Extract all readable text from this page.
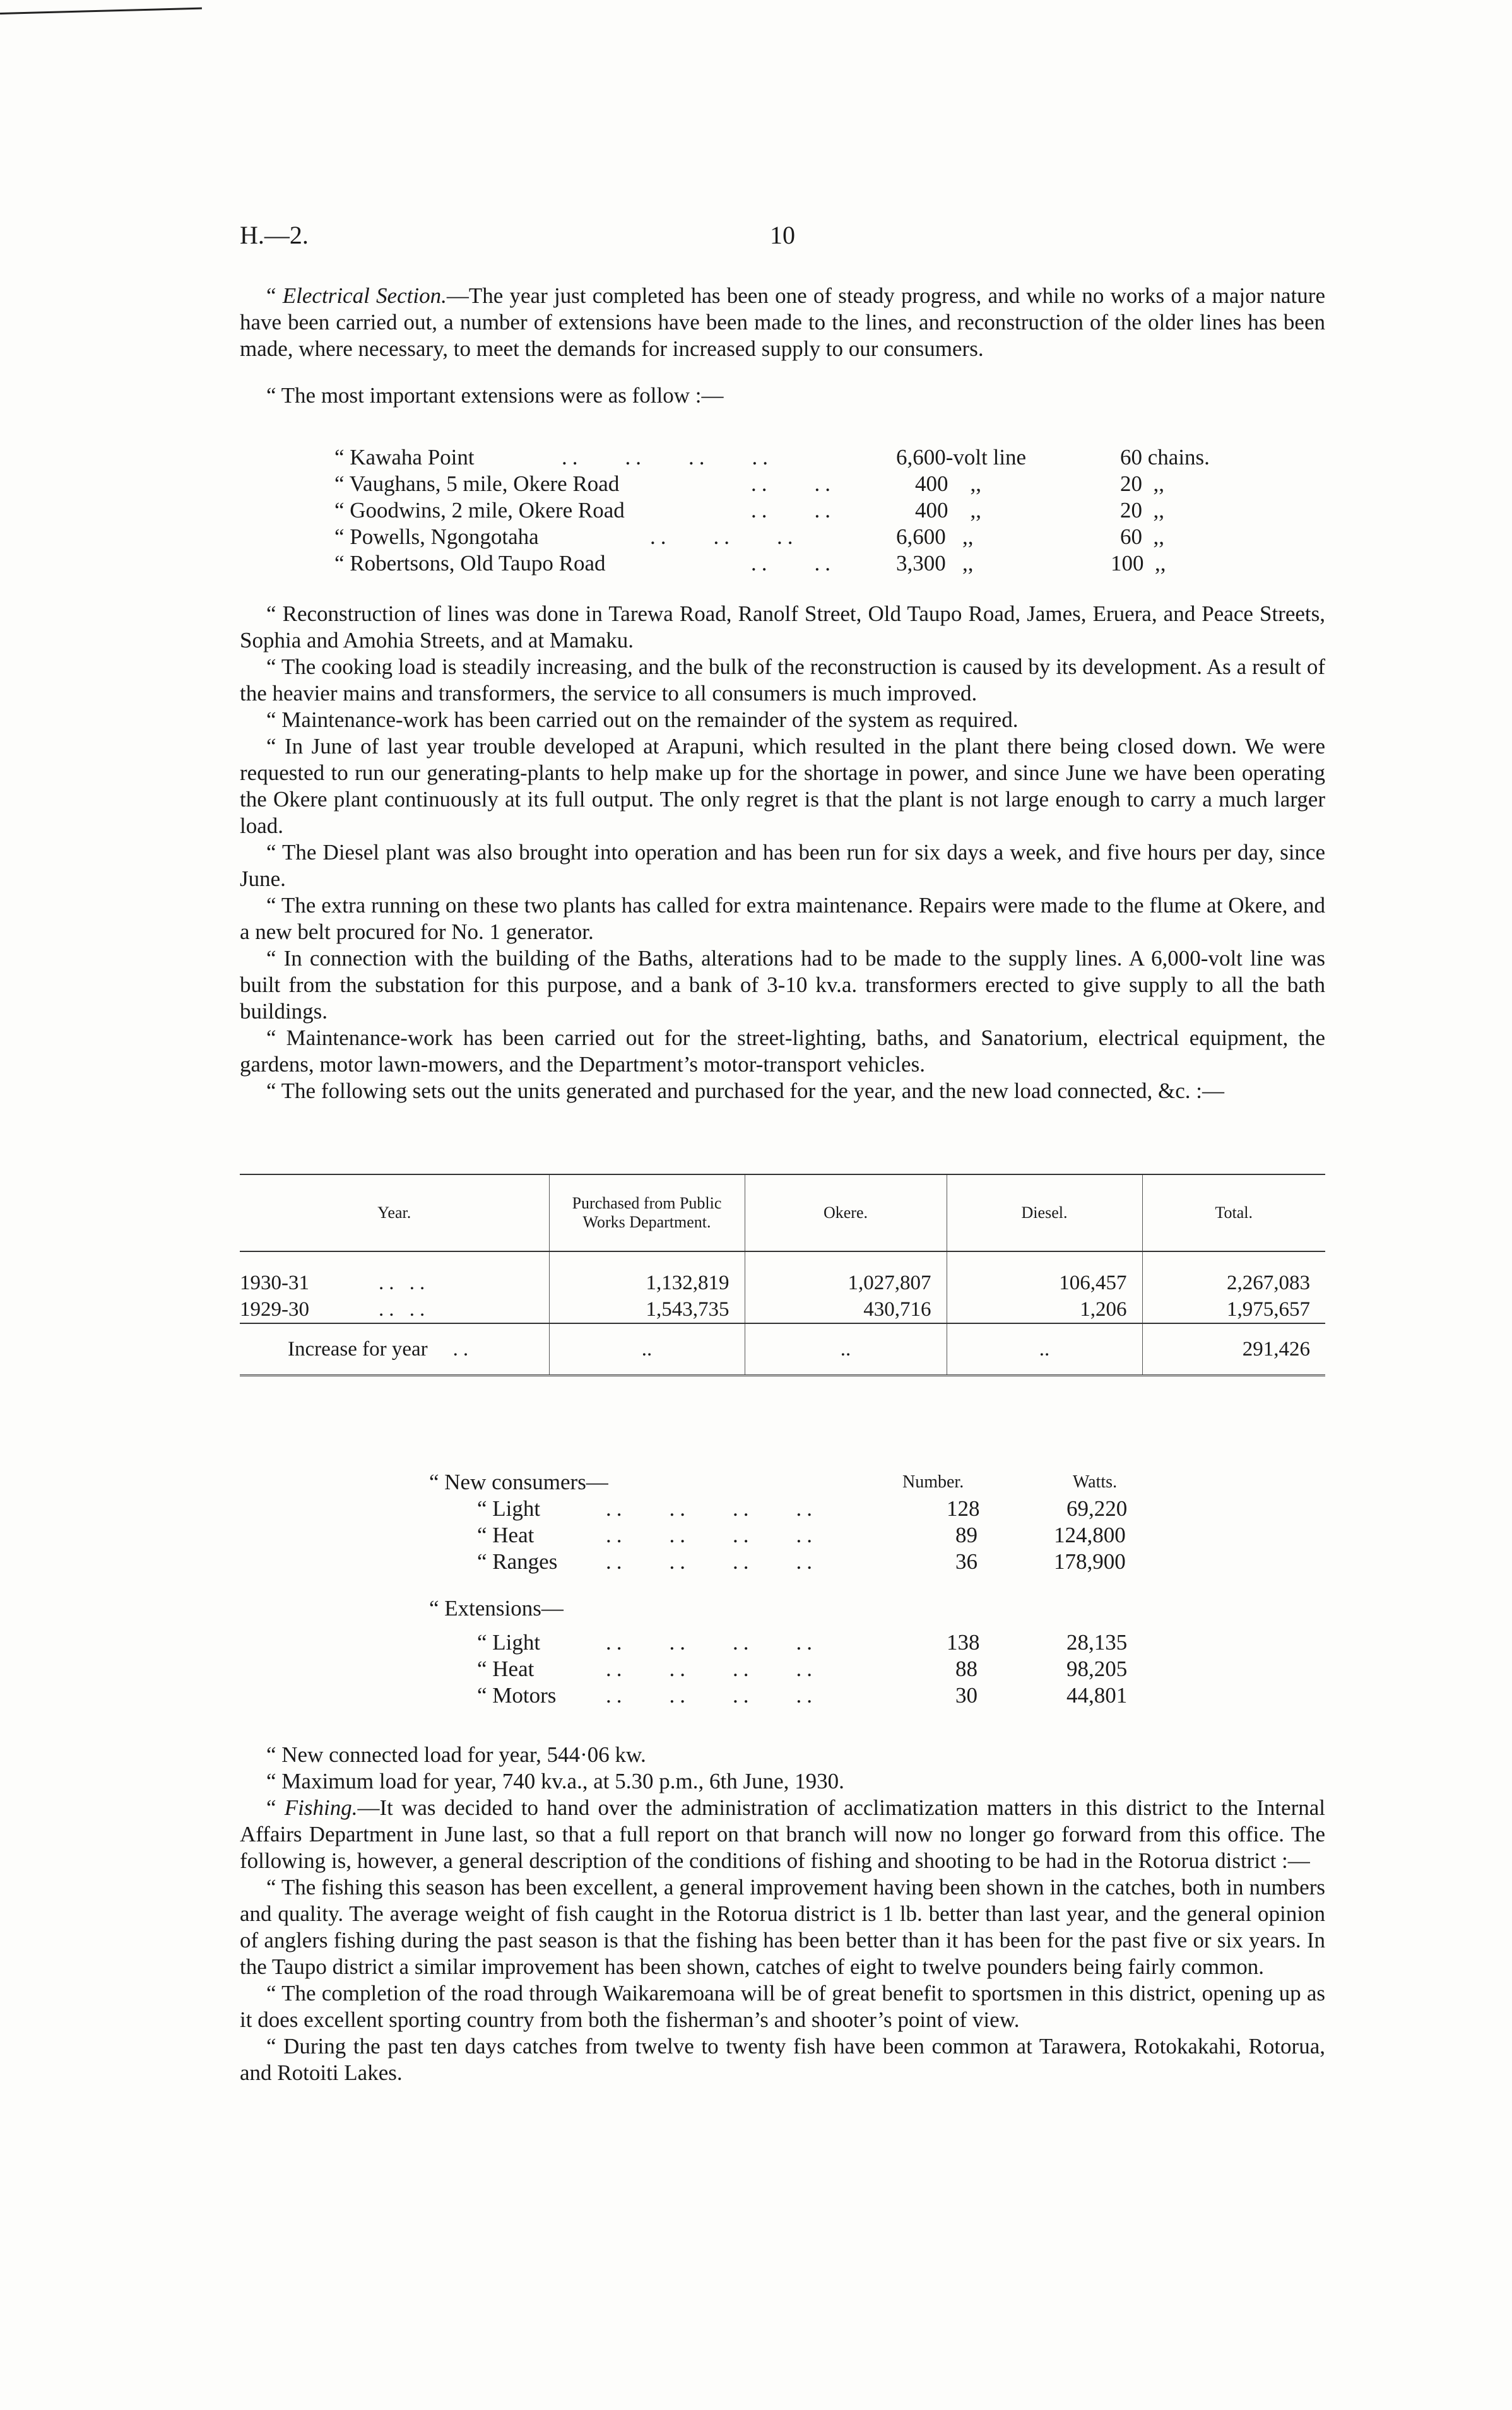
H.—2.	10

“ Electrical Section.—The year just completed has been one of steady progress, and while no works of a major nature have been carried out, a number of extensions have been made to the lines, and reconstruction of the older lines has been made, where necessary, to meet the demands for increased supply to our consumers.

“ The most important extensions were as follow :—

“ Kawaha Point	..    ..    ..    ..	6,600-volt line	60 chains.
“ Vaughans, 5 mile, Okere Road	..    ..	400    ,,	20  ,,
“ Goodwins, 2 mile, Okere Road	..    ..	400    ,,	20  ,,
“ Powells, Ngongotaha	..    ..    ..	6,600   ,,	60  ,,
“ Robertsons, Old Taupo Road	..    ..	3,300   ,,	100  ,,

“ Reconstruction of lines was done in Tarewa Road, Ranolf Street, Old Taupo Road, James, Eruera, and Peace Streets, Sophia and Amohia Streets, and at Mamaku.

“ The cooking load is steadily increasing, and the bulk of the reconstruction is caused by its development. As a result of the heavier mains and transformers, the service to all consumers is much improved.

“ Maintenance-work has been carried out on the remainder of the system as required.

“ In June of last year trouble developed at Arapuni, which resulted in the plant there being closed down. We were requested to run our generating-plants to help make up for the shortage in power, and since June we have been operating the Okere plant continuously at its full output. The only regret is that the plant is not large enough to carry a much larger load.

“ The Diesel plant was also brought into operation and has been run for six days a week, and five hours per day, since June.

“ The extra running on these two plants has called for extra maintenance. Repairs were made to the flume at Okere, and a new belt procured for No. 1 generator.

“ In connection with the building of the Baths, alterations had to be made to the supply lines. A 6,000-volt line was built from the substation for this purpose, and a bank of 3-10 kv.a. transformers erected to give supply to all the bath buildings.

“ Maintenance-work has been carried out for the street-lighting, baths, and Sanatorium, electrical equipment, the gardens, motor lawn-mowers, and the Department’s motor-transport vehicles.

“ The following sets out the units generated and purchased for the year, and the new load connected, &c. :—

Year.	Purchased from Public Works Department.	Okere.	Diesel.	Total.

1930-31 .. ..	1,132,819	1,027,807	106,457	2,267,083
1929-30 .. ..	1,543,735	430,716	1,206	1,975,657
Increase for year ..	..	..	..	291,426
“ New consumers—	Number.	Watts.
“ Light	..    ..    ..    ..	128	69,220
“ Heat	..    ..    ..    ..	89	124,800
“ Ranges ..    ..    ..    ..	36	178,900
“ Extensions—
“ Light	..    ..    ..    ..	138	28,135
“ Heat	..    ..    ..    ..	88	98,205
“ Motors ..    ..    ..    ..	30	44,801

“ New connected load for year, 544·06 kw.

“ Maximum load for year, 740 kv.a., at 5.30 p.m., 6th June, 1930.

“ Fishing.—It was decided to hand over the administration of acclimatization matters in this district to the Internal Affairs Department in June last, so that a full report on that branch will now no longer go forward from this office. The following is, however, a general description of the conditions of fishing and shooting to be had in the Rotorua district :—

“ The fishing this season has been excellent, a general improvement having been shown in the catches, both in numbers and quality. The average weight of fish caught in the Rotorua district is 1 lb. better than last year, and the general opinion of anglers fishing during the past season is that the fishing has been better than it has been for the past five or six years. In the Taupo district a similar improvement has been shown, catches of eight to twelve pounders being fairly common.

“ The completion of the road through Waikaremoana will be of great benefit to sportsmen in this district, opening up as it does excellent sporting country from both the fisherman’s and shooter’s point of view.

“ During the past ten days catches from twelve to twenty fish have been common at Tarawera, Rotokakahi, Rotorua, and Rotoiti Lakes.
